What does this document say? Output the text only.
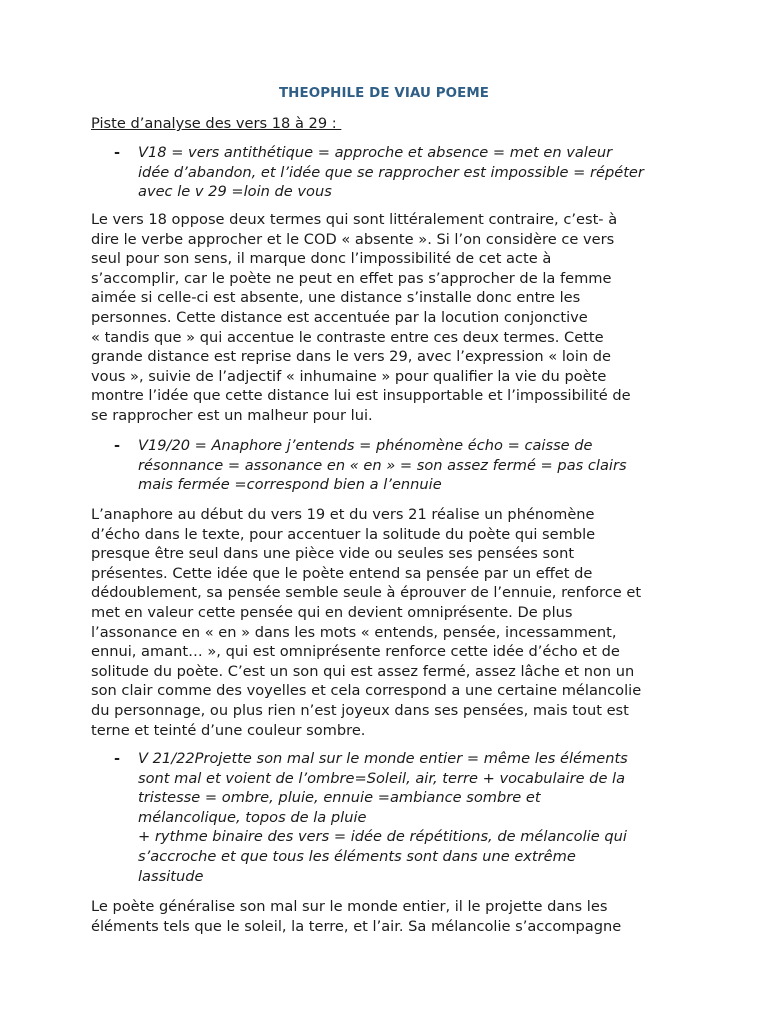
THEOPHILE DE VIAU POEME
Piste d’analyse des vers 18 à 29 :
- V18 = vers antithétique = approche et absence = met en valeur
idée d’abandon, et l’idée que se rapprocher est impossible = répéter
avec le v 29 =loin de vous
Le vers 18 oppose deux termes qui sont littéralement contraire, c’est- à
dire le verbe approcher et le COD « absente ». Si l’on considère ce vers
seul pour son sens, il marque donc l’impossibilité de cet acte à
s’accomplir, car le poète ne peut en effet pas s’approcher de la femme
aimée si celle-ci est absente, une distance s’installe donc entre les
personnes. Cette distance est accentuée par la locution conjonctive
« tandis que » qui accentue le contraste entre ces deux termes. Cette
grande distance est reprise dans le vers 29, avec l’expression « loin de
vous », suivie de l’adjectif « inhumaine » pour qualifier la vie du poète
montre l’idée que cette distance lui est insupportable et l’impossibilité de
se rapprocher est un malheur pour lui.
- V19/20 = Anaphore j’entends = phénomène écho = caisse de
résonnance = assonance en « en » = son assez fermé = pas clairs
mais fermée =correspond bien a l’ennuie
L’anaphore au début du vers 19 et du vers 21 réalise un phénomène
d’écho dans le texte, pour accentuer la solitude du poète qui semble
presque être seul dans une pièce vide ou seules ses pensées sont
présentes. Cette idée que le poète entend sa pensée par un effet de
dédoublement, sa pensée semble seule à éprouver de l’ennuie, renforce et
met en valeur cette pensée qui en devient omniprésente. De plus
l’assonance en « en » dans les mots « entends, pensée, incessamment,
ennui, amant… », qui est omniprésente renforce cette idée d’écho et de
solitude du poète. C’est un son qui est assez fermé, assez lâche et non un
son clair comme des voyelles et cela correspond a une certaine mélancolie
du personnage, ou plus rien n’est joyeux dans ses pensées, mais tout est
terne et teinté d’une couleur sombre.
- V 21/22Projette son mal sur le monde entier = même les éléments
sont mal et voient de l’ombre=Soleil, air, terre + vocabulaire de la
tristesse = ombre, pluie, ennuie =ambiance sombre et
mélancolique, topos de la pluie
+ rythme binaire des vers = idée de répétitions, de mélancolie qui
s’accroche et que tous les éléments sont dans une extrême
lassitude
Le poète généralise son mal sur le monde entier, il le projette dans les
éléments tels que le soleil, la terre, et l’air. Sa mélancolie s’accompagne
